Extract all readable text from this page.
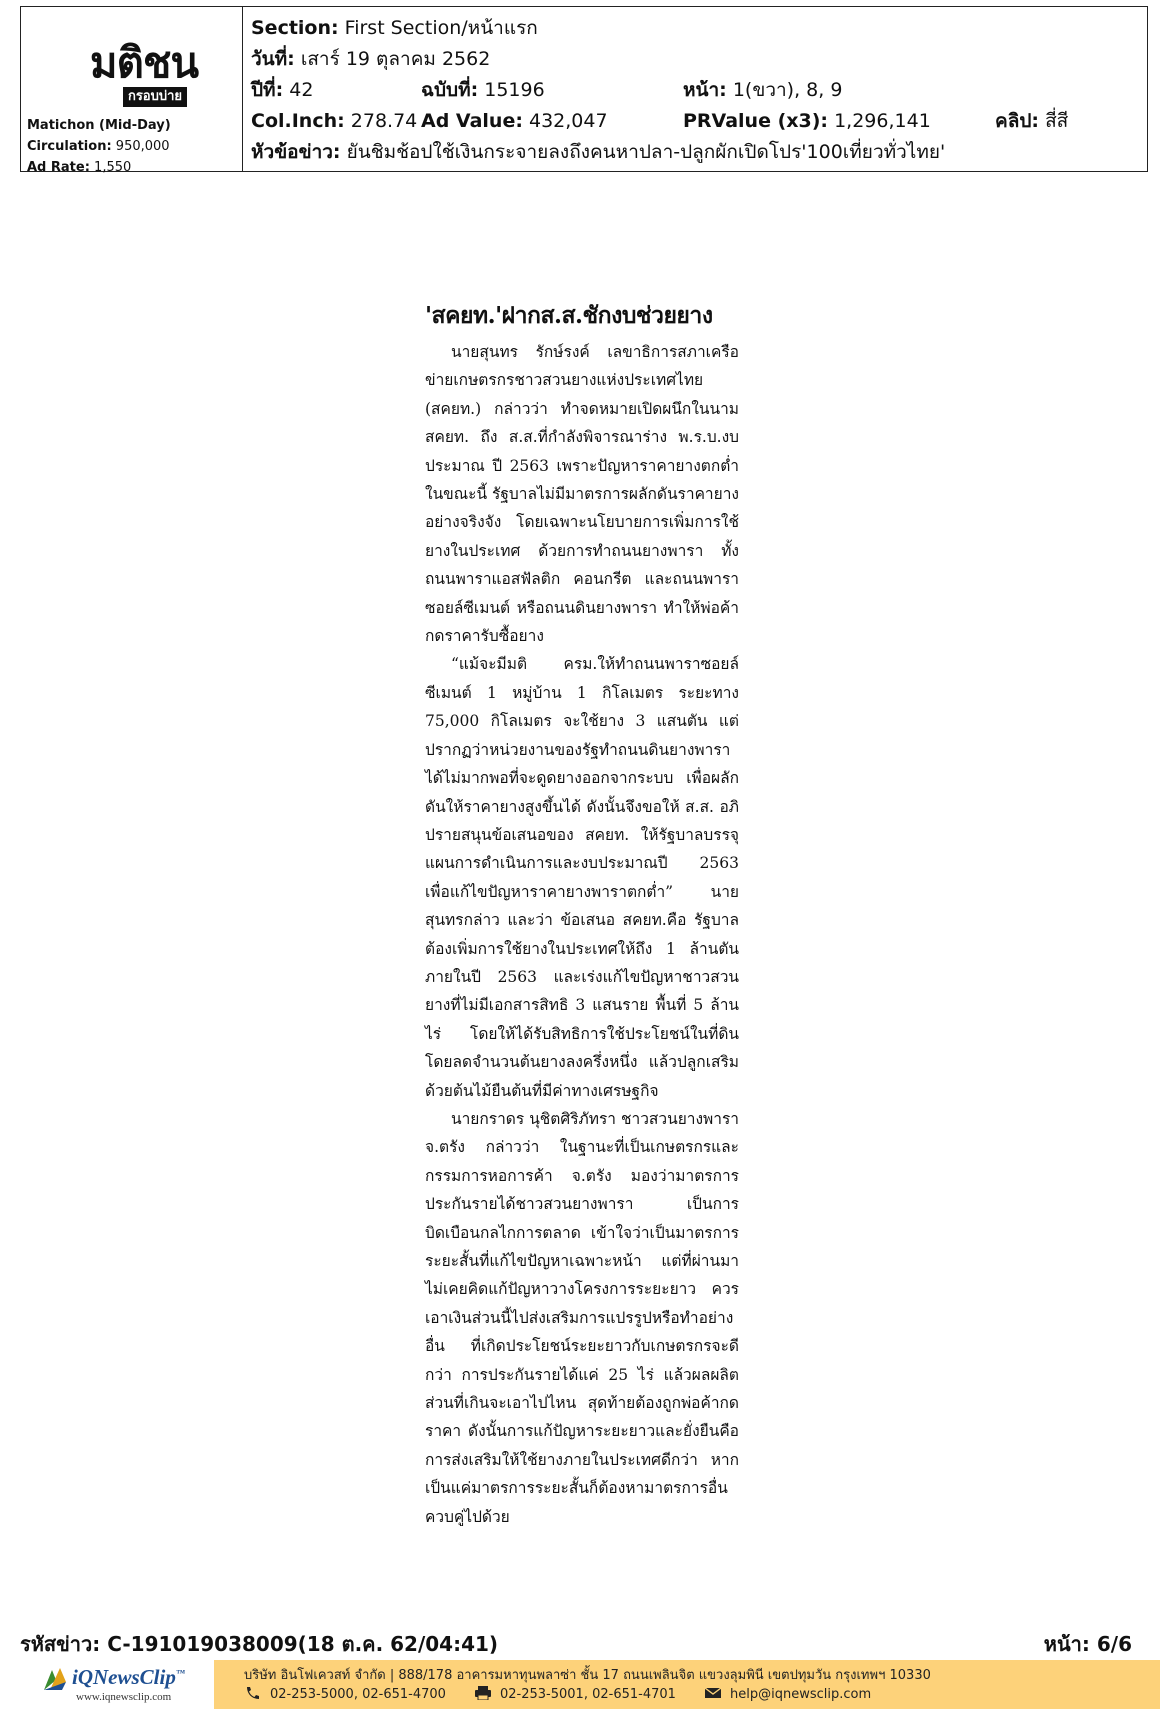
มติชน
กรอบบ่าย
Matichon (Mid-Day)
Circulation: 950,000
Ad Rate: 1,550
Section: First Section/หน้าแรก
วันที่: เสาร์ 19 ตุลาคม 2562
ปีที่: 42	ฉบับที่: 15196	หน้า: 1(ขวา), 8, 9
Col.Inch: 278.74 Ad Value: 432,047	PRValue (x3): 1,296,141	คลิป: สี่สี
หัวข้อข่าว: ยันชิมช้อปใช้เงินกระจายลงถึงคนหาปลา-ปลูกผักเปิดโปร'100เที่ยวทั่วไทย'
'สคยท.'ฝากส.ส.ชักงบช่วยยาง

นายสุนทร รักษ์รงค์ เลขาธิการสภาเครือข่ายเกษตรกรชาวสวนยางแห่งประเทศไทย (สคยท.) กล่าวว่า ทำจดหมายเปิดผนึกในนาม สคยท. ถึง ส.ส.ที่กำลังพิจารณาร่าง พ.ร.บ.งบประมาณ ปี 2563 เพราะปัญหาราคายางตกต่ำในขณะนี้ รัฐบาลไม่มีมาตรการผลักดันราคายางอย่างจริงจัง โดยเฉพาะนโยบายการเพิ่มการใช้ยางในประเทศ ด้วยการทำถนนยางพารา ทั้งถนนพาราแอสฟัลติก คอนกรีต และถนนพาราซอยล์ซีเมนต์ หรือถนนดินยางพารา ทำให้พ่อค้ากดราคารับซื้อยาง

“แม้จะมีมติ ครม.ให้ทำถนนพาราซอยล์ซีเมนต์ 1 หมู่บ้าน 1 กิโลเมตร ระยะทาง 75,000 กิโลเมตร จะใช้ยาง 3 แสนตัน แต่ปรากฏว่าหน่วยงานของรัฐทำถนนดินยางพาราได้ไม่มากพอที่จะดูดยางออกจากระบบ เพื่อผลักดันให้ราคายางสูงขึ้นได้ ดังนั้นจึงขอให้ ส.ส. อภิปรายสนุนข้อเสนอของ สคยท. ให้รัฐบาลบรรจุแผนการดำเนินการและงบประมาณปี 2563 เพื่อแก้ไขปัญหาราคายางพาราตกต่ำ” นายสุนทรกล่าว และว่า ข้อเสนอ สคยท.คือ รัฐบาลต้องเพิ่มการใช้ยางในประเทศให้ถึง 1 ล้านตันภายในปี 2563 และเร่งแก้ไขปัญหาชาวสวนยางที่ไม่มีเอกสารสิทธิ 3 แสนราย พื้นที่ 5 ล้านไร่ โดยให้ได้รับสิทธิการใช้ประโยชน์ในที่ดิน โดยลดจำนวนต้นยางลงครึ่งหนึ่ง แล้วปลูกเสริมด้วยต้นไม้ยืนต้นที่มีค่าทางเศรษฐกิจ

นายกราดร นุชิตศิริภัทรา ชาวสวนยางพารา จ.ตรัง กล่าวว่า ในฐานะที่เป็นเกษตรกรและกรรมการหอการค้า จ.ตรัง มองว่ามาตรการประกันรายได้ชาวสวนยางพารา เป็นการบิดเบือนกลไกการตลาด เข้าใจว่าเป็นมาตรการระยะสั้นที่แก้ไขปัญหาเฉพาะหน้า แต่ที่ผ่านมาไม่เคยคิดแก้ปัญหาวางโครงการระยะยาว ควรเอาเงินส่วนนี้ไปส่งเสริมการแปรรูปหรือทำอย่างอื่น ที่เกิดประโยชน์ระยะยาวกับเกษตรกรจะดีกว่า การประกันรายได้แค่ 25 ไร่ แล้วผลผลิตส่วนที่เกินจะเอาไปไหน สุดท้ายต้องถูกพ่อค้ากดราคา ดังนั้นการแก้ปัญหาระยะยาวและยั่งยืนคือการส่งเสริมให้ใช้ยางภายในประเทศดีกว่า หากเป็นแค่มาตรการระยะสั้นก็ต้องหามาตรการอื่นควบคู่ไปด้วย

รหัสข่าว: C-191019038009(18 ต.ค. 62/04:41)	หน้า: 6/6
iQNewsClip™
www.iqnewsclip.com
บริษัท อินโฟเควสท์ จำกัด | 888/178 อาคารมหาทุนพลาซ่า ชั้น 17 ถนนเพลินจิต แขวงลุมพินี เขตปทุมวัน กรุงเทพฯ 10330
02-253-5000, 02-651-4700	02-253-5001, 02-651-4701	help@iqnewsclip.com
